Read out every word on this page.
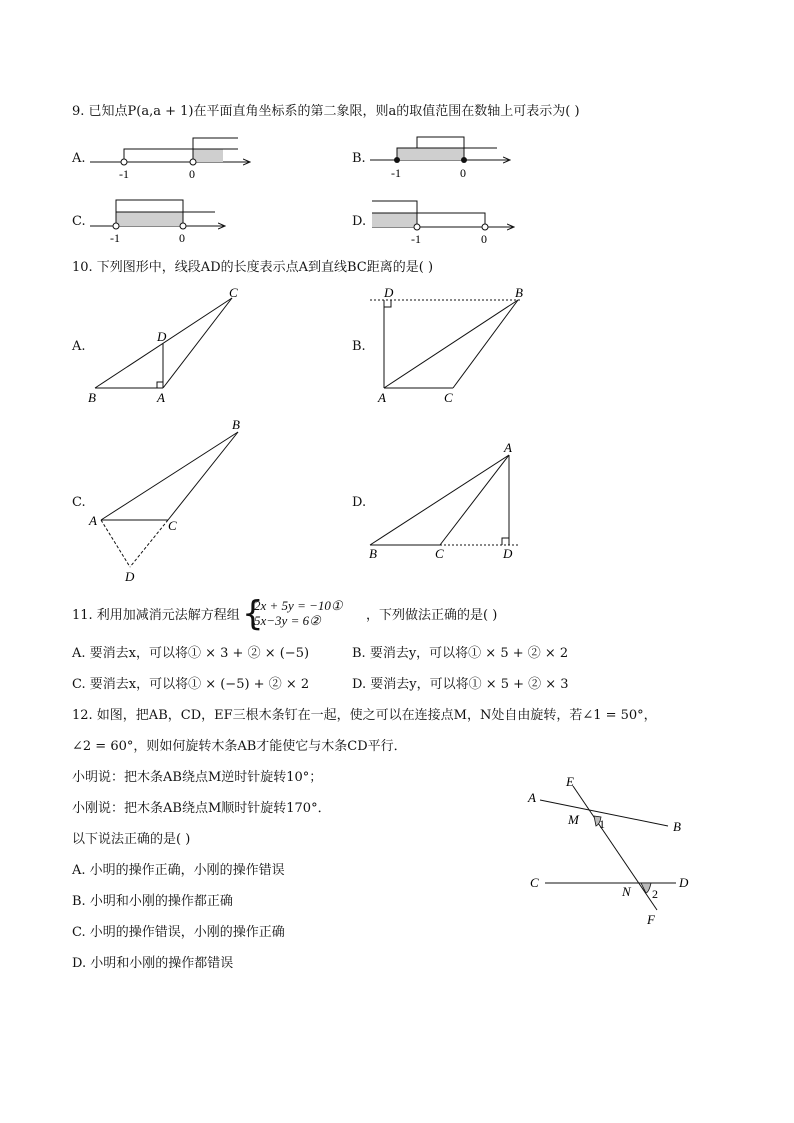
9. 已知点P(a,a + 1)在平面直角坐标系的第二象限，则a的取值范围在数轴上可表示为( )
A.	B.
C.	D.
-1	0	-1	0
-1	0	-1	0
10. 下列图形中，线段AD的长度表示点A到直线BC距离的是( )
A.	B.
C.	D.
C
D
B	A
D	B
A	C
B
A	C
D
A
B	C	D
11. 利用加减消元法解方程组 {
2x + 5y = −10①
5x−3y = 6②	，下列做法正确的是( )
A. 要消去x，可以将① × 3 + ② × (−5)	B. 要消去y，可以将① × 5 + ② × 2
C. 要消去x，可以将① × (−5) + ② × 2	D. 要消去y，可以将① × 5 + ② × 3
12. 如图，把AB，CD，EF三根木条钉在一起，使之可以在连接点M，N处自由旋转，若∠1 = 50°，
∠2 = 60°，则如何旋转木条AB才能使它与木条CD平行．
小明说：把木条AB绕点M逆时针旋转10°；
小刚说：把木条AB绕点M顺时针旋转170°．
以下说法正确的是( )
A. 小明的操作正确，小刚的操作错误
B. 小明和小刚的操作都正确
C. 小明的操作错误，小刚的操作正确
D. 小明和小刚的操作都错误
E
A
M 1	B
C
N 2
D
F
